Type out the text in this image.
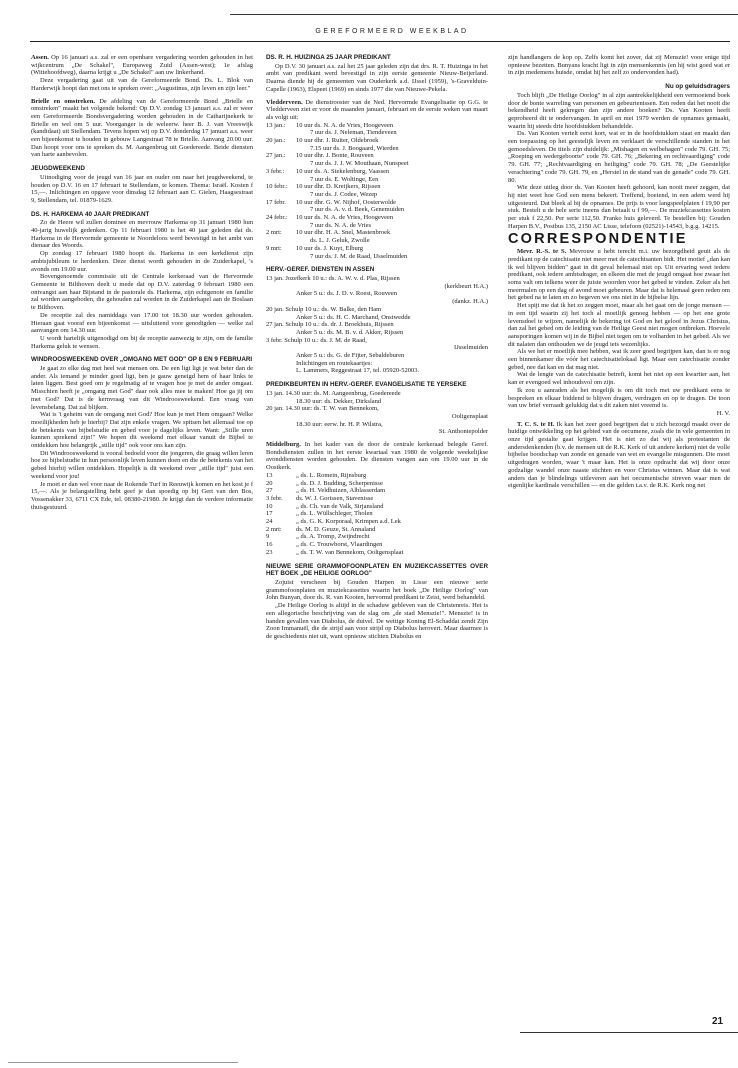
GEREFORMEERD WEEKBLAD

Assen. Op 16 januari a.s. zal er een openbare vergadering worden gehouden in het wijkcentrum „De Schakel", Europaweg Zuid (Assen-west); 1e afslag (Wittehoofdweg), daarna krijgt u „De Schakel" aan uw linkerhand.

Deze vergadering gaat uit van de Gereformeerde Bond. Ds. L. Blok van Harderwijk hoopt dan met ons te spreken over: „Augustinus, zijn leven en zijn leer."

Brielle en omstreken. De afdeling van de Gereformeerde Bond „Brielle en omstreken" maakt het volgende bekend: Op D.V. zondag 13 januari a.s. zal er weer een Gereformeerde Bondsvergadering worden gehouden in de Catharijnekerk te Brielle en wel om 5 uur. Voorganger is de weleerw. heer B. J. van Vreeswijk (kandidaat) uit Stellendam. Tevens hopen wij op D.V. donderdag 17 januari a.s. weer een bijeenkomst te houden in gebouw Langestraat 78 te Brielle. Aanvang 20.00 uur. Dan hoopt voor ons te spreken ds. M. Aangenbrug uit Goedereede. Beide diensten van harte aanbevolen.

JEUGDWEEKEND

Uitnodiging voor de jeugd van 16 jaar en ouder om naar het jeugdweekend, te houden op D.V. 16 en 17 februari te Stellendam, te komen. Thema: Israël. Kosten f 15,—. Inlichtingen en opgave voor dinsdag 12 februari aan C. Gielen, Haagsestraat 9, Stellendam, tel. 01879-1629.

DS. H. HARKEMA 40 JAAR PREDIKANT

Zo de Heere wil zullen dominee en mevrouw Harkema op 31 januari 1980 hun 40-jarig huwelijk gedenken. Op 11 februari 1980 is het 40 jaar geleden dat ds. Harkema in de Hervormde gemeente te Noordeloos werd bevestigd in het ambt van dienaar des Woords.

Op zondag 17 februari 1980 hoopt ds. Harkema in een kerkdienst zijn ambtsjubileum te herdenken. Deze dienst wordt gehouden in de Zuiderkapel, 's avonds om 19.00 uur.

Bovengenoemde commissie uit de Centrale kerkeraad van de Hervormde Gemeente te Bilthoven deelt u mede dat op D.V. zaterdag 9 februari 1980 een ontvangst aan haar Bijstand in de pastorale ds. Harkema, zijn echtgenote en familie zal worden aangeboden, die gehouden zal worden in de Zuiderkapel aan de Boslaan te Bilthoven.

De receptie zal des namiddags van 17.00 tot 18.30 uur worden gehouden. Hieraan gaat vooraf een bijeenkomst — uitsluitend voor genodigden — welke zal aanvangen om 14.30 uur.

U wordt hartelijk uitgenodigd om bij de receptie aanwezig te zijn, om de familie Harkema geluk te wensen.

WINDROOSWEEKEND OVER „OMGANG MET GOD" OP 8 EN 9 FEBRUARI

Je gaat zo elke dag met heel wat mensen om. De een ligt ligt je wat beter dan de ander. Als iemand je minder goed ligt, ben je gauw geneigd hem of haar links te laten liggen. Best goed om je regelmatig af te vragen hoe je met de ander omgaat. Misschien heeft je „omgang met God" daar ook alles mee te maken! Hoe ga jij om met God? Dat is de kernvraag van dit Windroosweekend. Een vraag van levensbelang. Dat zal blijken.

Wat is 't geheim van de omgang met God? Hoe kun je met Hem omgaan? Welke moeilijkheden heb je hierbij? Dat zijn enkele vragen. We spitsen het allemaal toe op de betekenis van bijbelstudie en gebed voor je dagelijks leven. Want: „Stille uren kunnen sprekend zijn!" We hopen dit weekend met elkaar vanuit de Bijbel te ontdekken hoe belangrijk „stille tijd" ook voor ons kan zijn.

Dit Windroosweekend is vooral bedoeld voor die jongeren, die graag willen leren hoe ze bijbelstudie in hun persoonlijk leven kunnen doen en die de betekenis van het gebed hierbij willen ontdekken. Hopelijk is dit weekend over „stille tijd" juist een weekend voor jou!

Je moet er dan wel voor naar de Rokende Turf in Reeuwijk komen en het kost je f 15,—. Als je belangstelling hebt geef je dan spoedig op bij Gert van den Bos, Vossenakker 33, 6711 CX Ede, tel. 08380-21980. Je krijgt dan de verdere informatie thuisgestuurd.

DS. R. H. HUIZINGA 25 JAAR PREDIKANT

Op D.V. 30 januari a.s. zal het 25 jaar geleden zijn dat drs. R. T. Huizinga in het ambt van predikant werd bevestigd in zijn eerste gemeente Nieuw-Beijerland. Daarna diende hij de gemeenten van Ouderkerk a.d. IJssel (1959), 's-Gravelduin-Capelle (1963), Elspeet (1969) en sinds 1977 die van Nieuwe-Pekela.

Vledderveen. De dienstrooster van de Ned. Hervormde Evangelisatie op G.G. te Vledderveen ziet er voor de maanden januari, februari en de eerste weken van maart als volgt uit:

13 jan.:	10 uur ds. N. A. de Vries, Hoogeveen
7 uur ds. J. Neleman, Tiendeveen
20 jan.:	10 uur dhr. J. Ruiter, Oldebroek
7.15 uur ds. J. Boogaard, Wierden
27 jan.:	10 uur dhr. J. Bonte, Rouveen
7 uur ds. J. J. W. Mouthaan, Nunspeet
3 febr.:	10 uur ds. A. Stekelenburg, Vaassen
7 uur ds. E. Woltinge, Een
10 febr.:	10 uur dhr. D. Kreijkers, Rijssen
7 uur ds. J. Codee, Wezep
17 febr.	10 uur dhr. G. W. Nijhof, Oosterwolde
7 uur ds. A. v. d. Beek, Genemuiden
24 febr.:	10 uur ds. N. A. de Vries, Hoogeveen
7 uur ds. N. A. de Vries
2 mrt:	10 uur dhr. H. A. Snel, Mastenbroek
ds. L. J. Geluk, Zwolle
9 mrt:	10 uur ds. J. Kuyt, Elburg
7 uur ds. J. M. de Raad, IJsselmuiden
HERV.-GEREF. DIENSTEN IN ASSEN
13 jan. Jozefkerk 10 u.: ds. A. W. v. d. Plas, Rijssen
(kerkbeurt H.A.)
Anker 5 u.: ds. J. D. v. Roest, Rouveen
(dankz. H.A.)
20 jan. Schulp 10 u.: ds. W. Balke, den Ham
Anker 5 u.: ds. H. C. Marchand, Onstwedde
27 jan. Schulp 10 u.: ds. dr. J. Broekhuis, Rijssen
Anker 5 u.: ds. M. B. v. d. Akker, Rijssen
3 febr. Schulp 10 u.: ds. J. M. de Raad,
IJsselmuiden
Anker 5 u.: ds. G. de Fijter, Sebaldeburen
Inlichtingen en routekaartjes:
L. Lammers, Reggestraat 17, tel. 05920-52003.
PREDIKBEURTEN IN HERV.-GEREF. EVANGELISATIE TE YERSEKE
13 jan. 14.30 uur: ds. M. Aangeenbrug, Goedereede
18.30 uur: ds. Dekker, Dirksland
20 jan. 14.30 uur: ds. T. W. van Bennekom,
Ooltgensplaat
18.30 uur: eerw. hr. H. P. Wilstra,
St. Anthoniepolder

Middelburg. In het kader van de door de centrale kerkeraad belegde Geref. Bondsdiensten zullen in het eerste kwartaal van 1980 de volgende weekelijkse avonddiensten worden gehouden. De diensten vangen aan om 19.00 uur in de Oostkerk.

13	„ ds. L. Romein, Rijnsburg
20	„ ds. D. J. Budding, Scherpenisse
27	„ ds. H. Veldhuizen, Alblasserdam
3 febr.	ds. W. J. Gorissen, Stavenisse
10	„ ds. Ch. van de Valk, Sirjansland
17	„ ds. L. Wüllschleger, Tholen
24	„ ds. G. K. Korporaal, Krimpen a.d. Lek
2 mrt:	ds. M. D. Geuze, St. Annaland
9	„ ds. A. Tromp, Zwijndrecht
16	„ ds. C. Trouwborst, Vlaardingen
23	„ ds. T. W. van Bennekom, Ooltgensplaat
NIEUWE SERIE GRAMMOFOONPLATEN EN MUZIEKCASSETTES OVER HET BOEK „DE HEILIGE OORLOG"

Zojuist verscheen bij Gouden Harpen in Lisse een nieuwe serie grammofoonplaten en muziekcassettes waarin het boek „De Heilige Oorlog" van John Bunyan, door ds. R. van Kooten, hervormd predikant te Zeist, werd behandeld.

„De Heilige Oorlog is altijd in de schaduw gebleven van de Christenreis. Het is een allegorische beschrijving van de slag om „de stad Menszie!". Menszie! is in handen gevallen van Diabolus, de duivel. De wettige Koning El-Schaddai zendt Zijn Zoon Immanuël, die de strijd aan voor strijd op Diabolus herovert. Maar daarmee is de geschiedenis niet uit, want opnieuw stichten Diabolus en

zijn handlangers de kop op. Zelfs komt het zover, dat zij Menszie! voor enige tijd opnieuw bezetten. Bunyans kracht ligt in zijn mensenkennis (en hij wist goed wat er in zijn medemens huisde, omdat hij het zelf zo ondervonden had).

Nu op geluidsdragers

Toch blijft „De Heilige Oorlog" in al zijn aantrekkelijkheid een vermoeiend boek door de bonte warreling van personen en gebeurtenissen. Een reden dat het nooit die bekendheid heeft gekregen dan zijn andere boeken? Ds. Van Kooten heeft geprobeerd dit te ondervangen. In april en mei 1979 werden de opnames gemaakt, waarin hij steeds drie hoofdstukken behandelde.

Ds. Van Kooten vertelt eerst kort, wat er in de hoofdstukken staat en maakt dan een toepassing op het geestelijk leven en verklaart de verschillende standen in het gemoedsleven. De titels zijn duidelijk: „Mishagen en welbehagen" code 79. GH. 75; „Roeping en wedergeboorte" code 79. GH. 76; „Bekering en rechtvaardiging" code 79. GH. 77; „Rechtvaardiging en heiliging" code 79. GH. 78; „De Geestelijke verachtering" code 79. GH. 79, en „Herstel in de stand van de genade" code 79. GH. 80.

Wie deze uitleg door ds. Van Kooten heeft gehoord, kan nooit meer zeggen, dat hij niet weet hoe God een mens bekeert. Treffend, boeiend, in een adem werd hij uitgesteurd. Dat bleek al bij de opnames. De prijs is voor langspeelplaten f 19,90 per stuk. Bestelt u de hele serie ineens dan betaalt u f 99,—. De muziekcassettes kosten per stuk f 22,50. Per serie 112,50. Franko huis geleverd. Te bestellen bij: Gouden Harpen B.V., Postbus 135, 2150 AC Lisse, telefoon (02521)-14543, b.g.g. 14215.

CORRESPONDENTIE

Mevr. R.-S. te S. Mevrouw u hebt terecht m.i. uw bezorgdheid geuit als de predikant op de catechisatie niet meer met de catechisanten bidt. Het motief „dan kan ik wel blijven bidden" gaat in dit geval helemaal niet op. Uit ervaring weet iedere predikant, ook iedere ambtsdrager, en elkeen die met de jeugd omgaat hoe zwaar het soms valt om telkens weer de juiste woorden voor het gebed te vinden. Zeker als het meermalen op een dag of avond moet gebeuren. Maar dat is helemaal geen reden om het gebed na te laten en zo begeven we ons niet in de bijbelse lijn.

Het spijt me dat ik het zo zeggen moet, maar als het gaat om de jonge mensen — in een tijd waarin zij het toch al moeilijk genoeg hebben — op het ene grote levensdoel te wijzen, namelijk de bekering tot God en het geloof in Jezus Christus, dan zal het gebed om de leiding van de Heilige Geest niet mogen ontbreken. Hoevele aansporingen komen wij in de Bijbel niet tegen om te volharden in het gebed. Als we dit nalaten dan onthouden we de jeugd iets wezenlijks.

Als we het er moeilijk mee hebben, wat ik zeer goed begrijpen kan, dan is er nog een binnenkamer die vóór het catechisatielokaal ligt. Maar een catechisatie zonder gebed, nee dat kan en dat mag niet.

Wat de lengte van de catechisatie betreft, komt het niet op een kwartier aan, het kan er evengoed wel inhoudsvol om zijn.

Ik zou u aanraden als het mogelijk is om dit toch met uw predikant eens te bespreken en elkaar biddend te blijven dragen, verdragen en op te dragen. De toon van uw brief verraadt gelukkig dat u dit zaken niet vreemd is.

H. V.

T. C. S. te H. Ik kan het zeer goed begrijpen dat u zich bezorgd maakt over de huidige ontwikkeling op het gebied van de oecumene, zoals die in vele gemeenten in onze tijd gestalte gaat krijgen. Het is niet zo dat wij als protestanten de andersdenkenden (b.v. de mensen uit de R.K. Kerk of uit andere kerken) niet de volle bijbelse boodschap van zonde en genade van wet en evangelie misgunnen. Die moet uitgedragen worden, waar 't maar kan. Het is onze opdracht dat wij door onze godzalige wandel onze naaste stichten en voor Christus winnen. Maar dat is wat anders dan je blindelings uitleveren aan het oecumenische streven waar men de eigenlijke kardinale verschillen — en die gelden t.a.v. de R.K. Kerk nog net

21
